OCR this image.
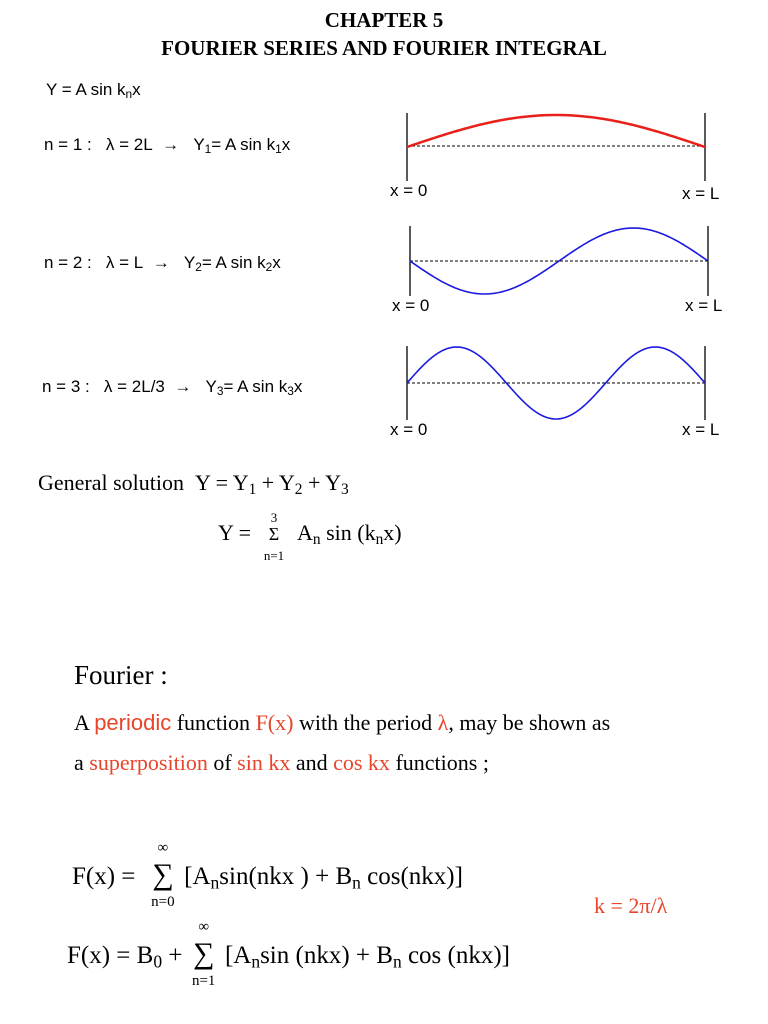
CHAPTER 5
FOURIER SERIES AND FOURIER INTEGRAL
Y = A $\sin k_nx$
n = 1 : $\lambda = 2L \to Y_1= A$ $\sin k_1x$
x = 0	x = L
n = 2 : $\lambda = L \to Y_2= A$ $\sin k_2x$
x = 0	x = L
n = 3 : $\lambda = 2L/3 \to Y_3= A$ $\sin k_3x$
x = 0	x = L
General solution $Y = Y_1 + Y_2 + Y_3$
Y =
3
Σ
n=1
$A_n$ $\sin (k_nx)$
Fourier :
A periodic function F(x) with the period λ, may be shown as
a superposition of sin kx and cos kx functions ;
F(x) =
∞
∑
n=0
[$A_n\sin(nkx$ ) + $B_n$ cos(nkx)]
k = 2π/λ
$F(x) = B_0$ +
∞
∑
n=1
[$A_n\sin$ $(nkx) + B_n$ cos (nkx)]
